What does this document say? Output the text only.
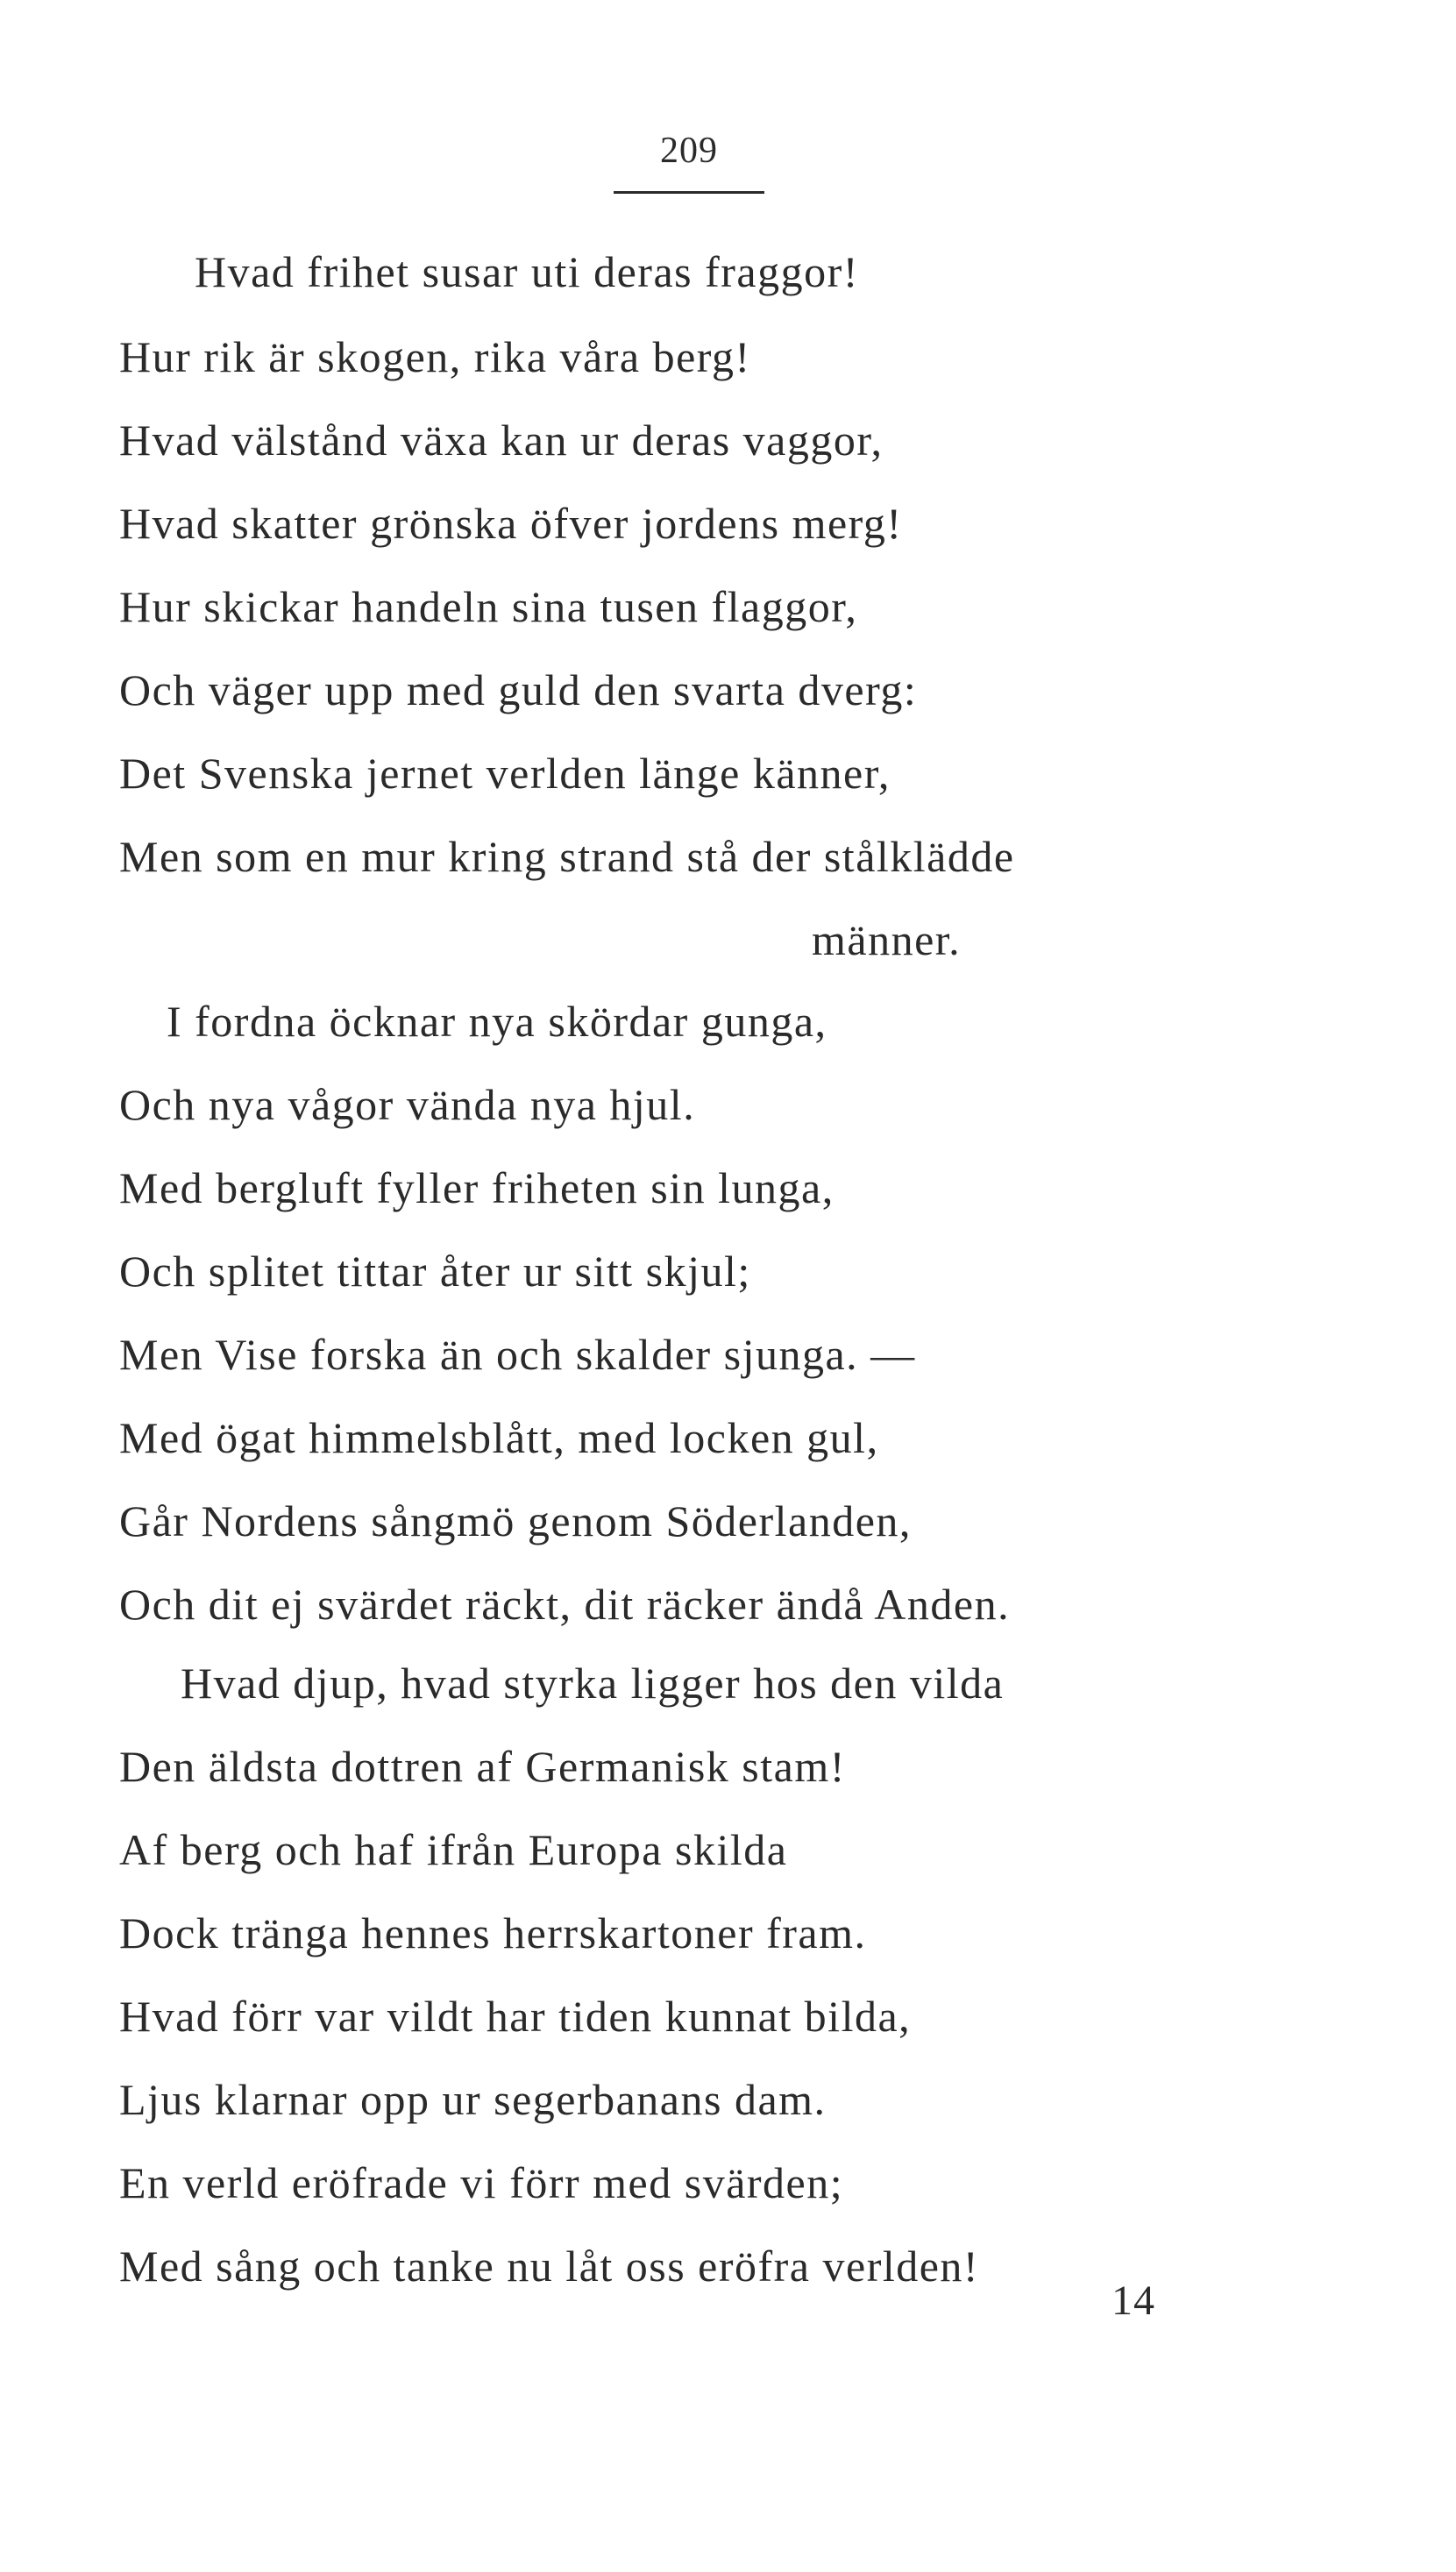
209
Hvad frihet susar uti deras fraggor!
Hur rik är skogen, rika våra berg!
Hvad välstånd växa kan ur deras vaggor,
Hvad skatter grönska öfver jordens merg!
Hur skickar handeln sina tusen flaggor,
Och väger upp med guld den svarta dverg:
Det Svenska jernet verlden länge känner,
Men som en mur kring strand stå der stålklädde
männer.
I fordna öcknar nya skördar gunga,
Och nya vågor vända nya hjul.
Med bergluft fyller friheten sin lunga,
Och splitet tittar åter ur sitt skjul;
Men Vise forska än och skalder sjunga. —
Med ögat himmelsblått, med locken gul,
Går Nordens sångmö genom Söderlanden,
Och dit ej svärdet räckt, dit räcker ändå Anden.
Hvad djup, hvad styrka ligger hos den vilda
Den äldsta dottren af Germanisk stam!
Af berg och haf ifrån Europa skilda
Dock tränga hennes herrskartoner fram.
Hvad förr var vildt har tiden kunnat bilda,
Ljus klarnar opp ur segerbanans dam.
En verld eröfrade vi förr med svärden;
Med sång och tanke nu låt oss eröfra verlden!
14
